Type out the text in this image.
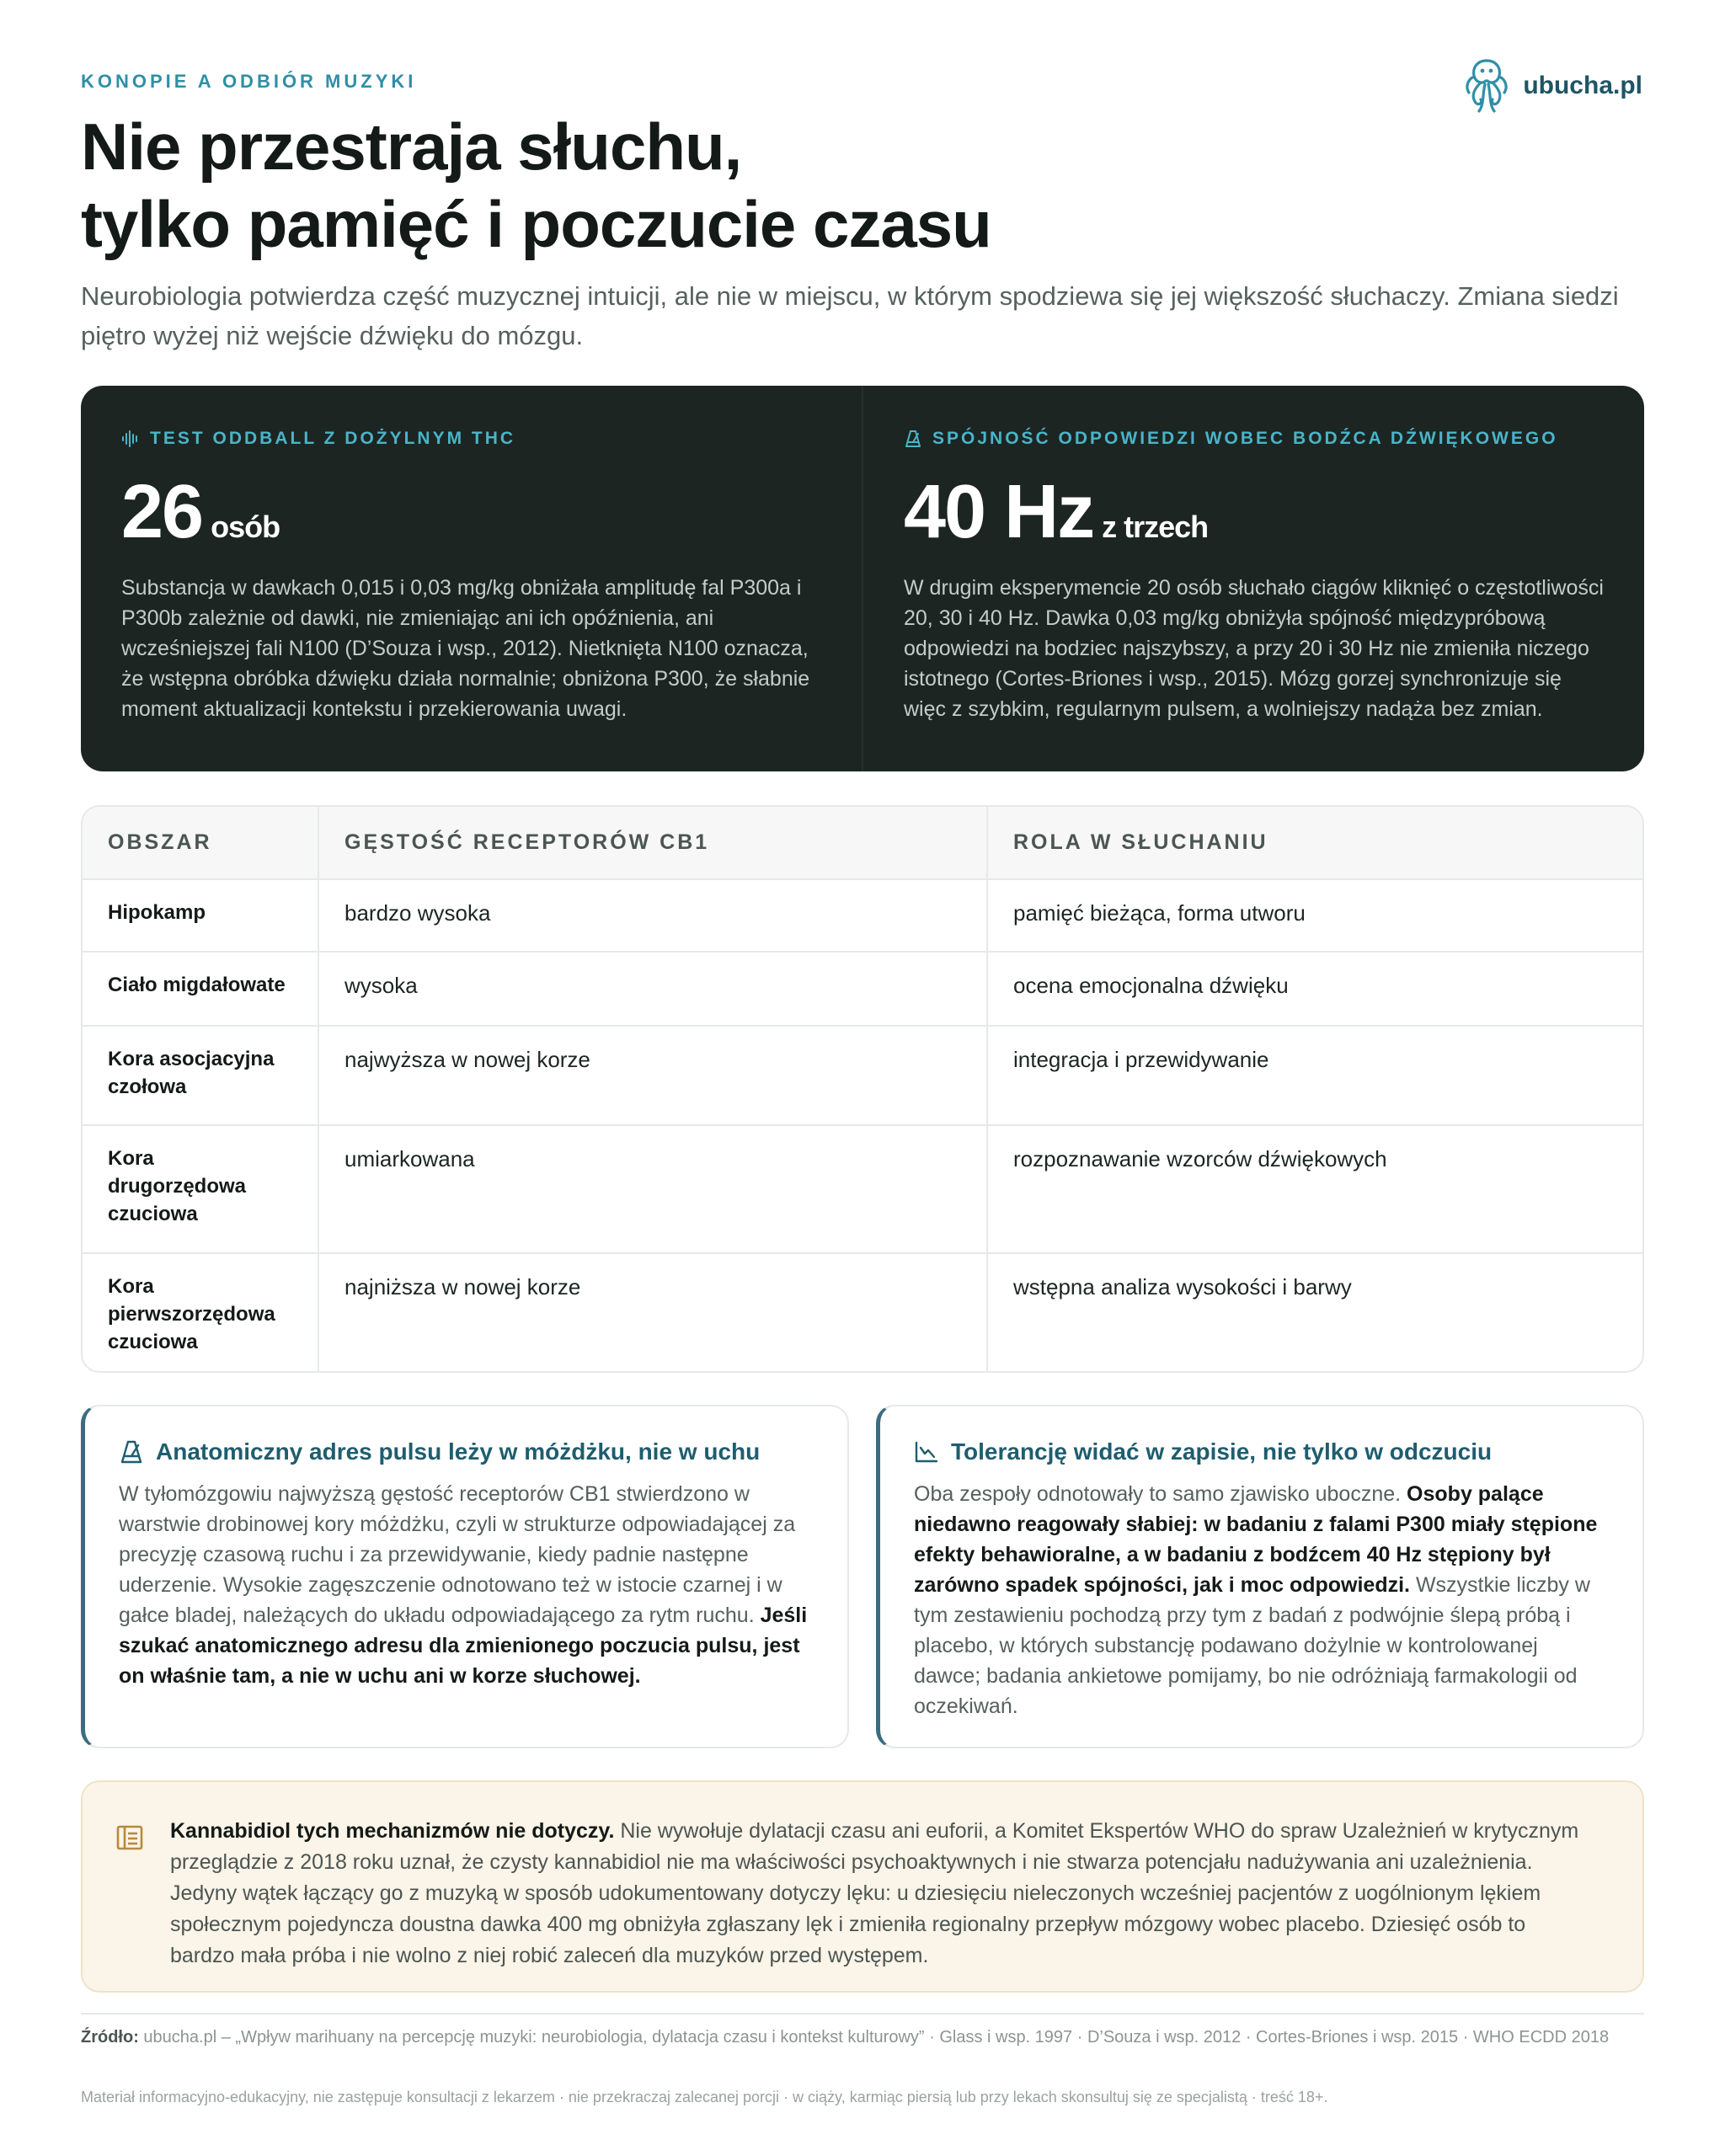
KONOPIE A ODBIÓR MUZYKI	ubucha.pl
Nie przestraja słuchu,
tylko pamięć i poczucie czasu

Neurobiologia potwierdza część muzycznej intuicji, ale nie w miejscu, w którym spodziewa się jej większość słuchaczy. Zmiana siedzi piętro wyżej niż wejście dźwięku do mózgu.

TEST ODDBALL Z DOŻYLNYM THC
26 osób

Substancja w dawkach 0,015 i 0,03 mg/kg obniżała amplitudę fal P300a i P300b zależnie od dawki, nie zmieniając ani ich opóźnienia, ani wcześniejszej fali N100 (D’Souza i wsp., 2012). Nietknięta N100 oznacza, że wstępna obróbka dźwięku działa normalnie; obniżona P300, że słabnie moment aktualizacji kontekstu i przekierowania uwagi.

SPÓJNOŚĆ ODPOWIEDZI WOBEC BODŹCA DŹWIĘKOWEGO
40 Hz z trzech

W drugim eksperymencie 20 osób słuchało ciągów kliknięć o częstotliwości 20, 30 i 40 Hz. Dawka 0,03 mg/kg obniżyła spójność międzypróbową odpowiedzi na bodziec najszybszy, a przy 20 i 30 Hz nie zmieniła niczego istotnego (Cortes-Briones i wsp., 2015). Mózg gorzej synchronizuje się więc z szybkim, regularnym pulsem, a wolniejszy nadąża bez zmian.

OBSZAR	GĘSTOŚĆ RECEPTORÓW CB1	ROLA W SŁUCHANIU
Hipokamp	bardzo wysoka	pamięć bieżąca, forma utworu
Ciało migdałowate	wysoka	ocena emocjonalna dźwięku
Kora asocjacyjna czołowa	najwyższa w nowej korze	integracja i przewidywanie
Kora drugorzędowa czuciowa	umiarkowana	rozpoznawanie wzorców dźwiękowych
Kora pierwszorzędowa czuciowa	najniższa w nowej korze	wstępna analiza wysokości i barwy
Anatomiczny adres pulsu leży w móżdżku, nie w uchu

W tyłomózgowiu najwyższą gęstość receptorów CB1 stwierdzono w warstwie drobinowej kory móżdżku, czyli w strukturze odpowiadającej za precyzję czasową ruchu i za przewidywanie, kiedy padnie następne uderzenie. Wysokie zagęszczenie odnotowano też w istocie czarnej i w gałce bladej, należących do układu odpowiadającego za rytm ruchu. Jeśli szukać anatomicznego adresu dla zmienionego poczucia pulsu, jest on właśnie tam, a nie w uchu ani w korze słuchowej.

Tolerancję widać w zapisie, nie tylko w odczuciu

Oba zespoły odnotowały to samo zjawisko uboczne. Osoby palące niedawno reagowały słabiej: w badaniu z falami P300 miały stępione efekty behawioralne, a w badaniu z bodźcem 40 Hz stępiony był zarówno spadek spójności, jak i moc odpowiedzi. Wszystkie liczby w tym zestawieniu pochodzą przy tym z badań z podwójnie ślepą próbą i placebo, w których substancję podawano dożylnie w kontrolowanej dawce; badania ankietowe pomijamy, bo nie odróżniają farmakologii od oczekiwań.

Kannabidiol tych mechanizmów nie dotyczy. Nie wywołuje dylatacji czasu ani euforii, a Komitet Ekspertów WHO do spraw Uzależnień w krytycznym przeglądzie z 2018 roku uznał, że czysty kannabidiol nie ma właściwości psychoaktywnych i nie stwarza potencjału nadużywania ani uzależnienia. Jedyny wątek łączący go z muzyką w sposób udokumentowany dotyczy lęku: u dziesięciu nieleczonych wcześniej pacjentów z uogólnionym lękiem społecznym pojedyncza doustna dawka 400 mg obniżyła zgłaszany lęk i zmieniła regionalny przepływ mózgowy wobec placebo. Dziesięć osób to bardzo mała próba i nie wolno z niej robić zaleceń dla muzyków przed występem.

Źródło: ubucha.pl – „Wpływ marihuany na percepcję muzyki: neurobiologia, dylatacja czasu i kontekst kulturowy” · Glass i wsp. 1997 · D’Souza i wsp. 2012 · Cortes-Briones i wsp. 2015 · WHO ECDD 2018

Materiał informacyjno-edukacyjny, nie zastępuje konsultacji z lekarzem · nie przekraczaj zalecanej porcji · w ciąży, karmiąc piersią lub przy lekach skonsultuj się ze specjalistą · treść 18+.
